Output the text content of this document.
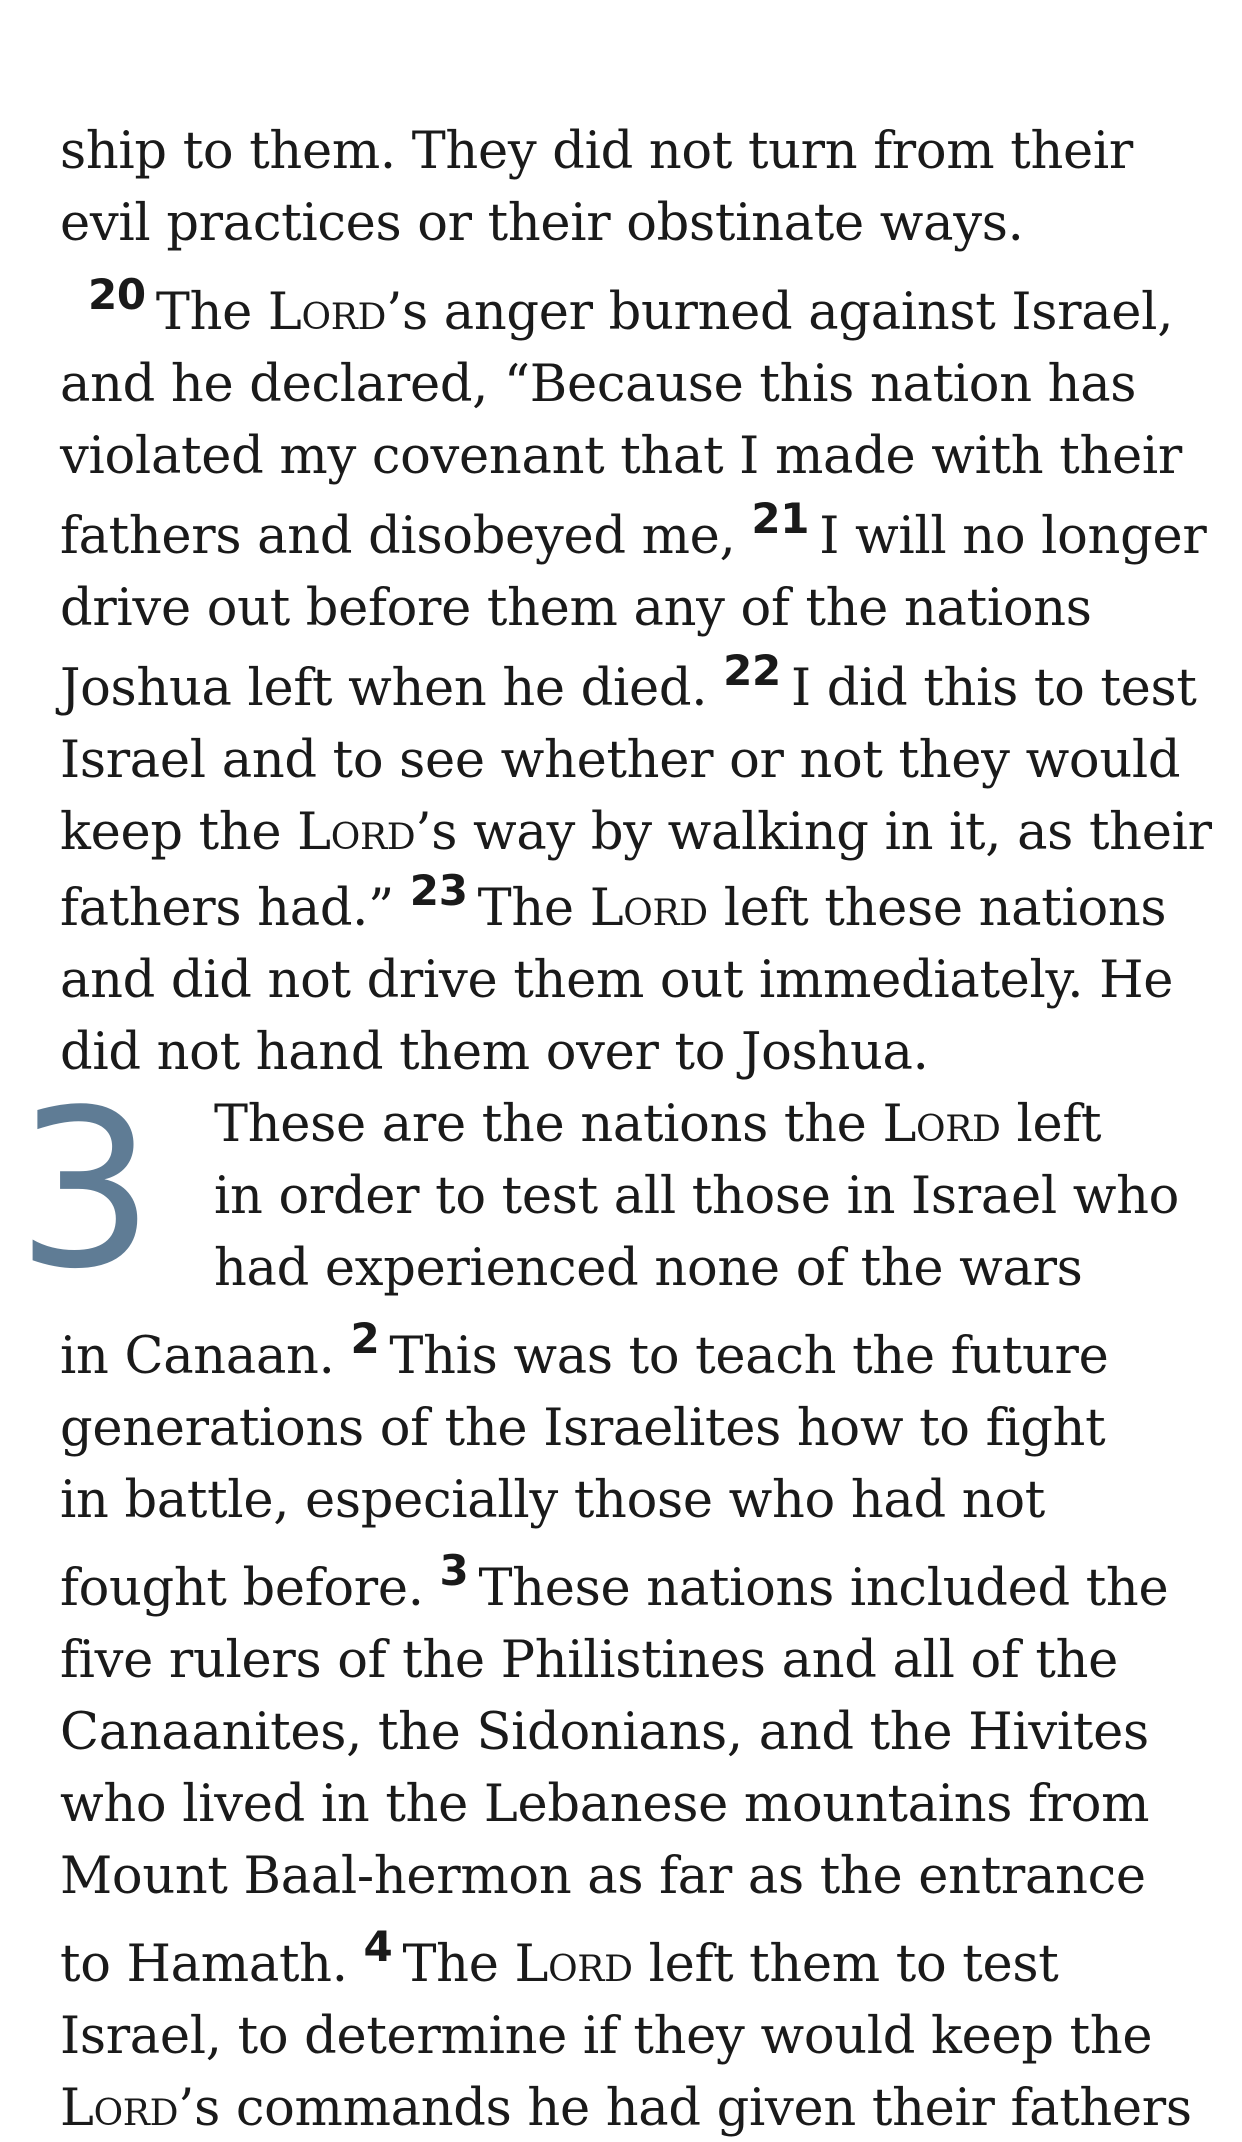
ship to them. They did not turn from their
evil practices or their obstinate ways.
$^{20}$ The Lord’s anger burned against Israel,
and he declared, “Because this nation has
violated my covenant that I made with their
fathers and disobeyed me, $^{21}$ I will no longer
drive out before them any of the nations
Joshua left when he died. $^{22}$ I did this to test
Israel and to see whether or not they would
keep the Lord’s way by walking in it, as their
fathers had.” $^{23}$ The Lord left these nations
and did not drive them out immediately. He
did not hand them over to Joshua.
These are the nations the Lord left
in order to test all those in Israel who
had experienced none of the wars
in Canaan. $^2$ This was to teach the future
generations of the Israelites how to fight
in battle, especially those who had not
fought before. $^3$ These nations included the
five rulers of the Philistines and all of the
Canaanites, the Sidonians, and the Hivites
who lived in the Lebanese mountains from
Mount Baal-hermon as far as the entrance
to Hamath. $^4$ The Lord left them to test
Israel, to determine if they would keep the
Lord’s commands he had given their fathers
3
